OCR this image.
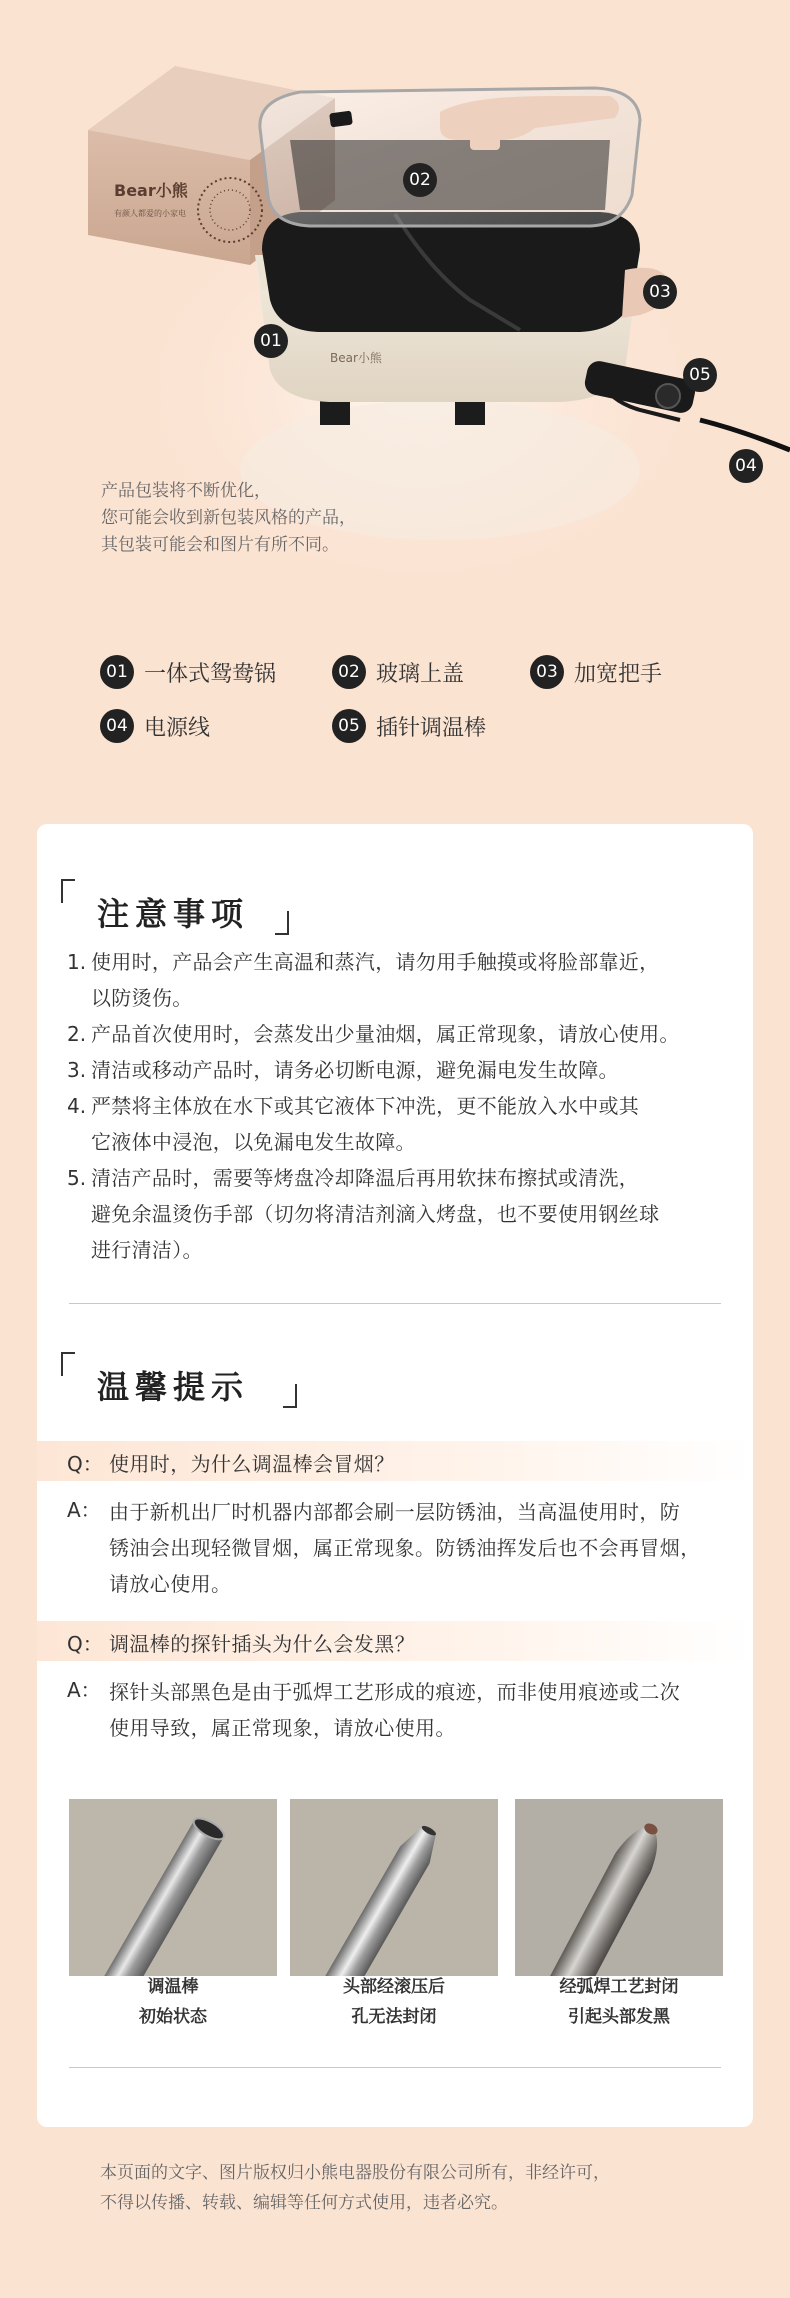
Bear小熊
有颜人都爱的小家电
Bear小熊
01
02
03
05
04
产品包装将不断优化，
您可能会收到新包装风格的产品，
其包装可能会和图片有所不同。
01 一体式鸳鸯锅	02 玻璃上盖	03 加宽把手
04 电源线	05 插针调温棒
注意事项
1. 使用时，产品会产生高温和蒸汽，请勿用手触摸或将脸部靠近，
以防烫伤。
2. 产品首次使用时，会蒸发出少量油烟，属正常现象，请放心使用。
3. 清洁或移动产品时，请务必切断电源，避免漏电发生故障。
4. 严禁将主体放在水下或其它液体下冲洗，更不能放入水中或其
它液体中浸泡，以免漏电发生故障。
5. 清洁产品时，需要等烤盘冷却降温后再用软抹布擦拭或清洗，
避免余温烫伤手部（切勿将清洁剂滴入烤盘，也不要使用钢丝球
进行清洁）。
温馨提示
Q： 使用时，为什么调温棒会冒烟？
A： 由于新机出厂时机器内部都会刷一层防锈油，当高温使用时，防
锈油会出现轻微冒烟，属正常现象。防锈油挥发后也不会再冒烟，
请放心使用。
Q： 调温棒的探针插头为什么会发黑？
A： 探针头部黑色是由于弧焊工艺形成的痕迹，而非使用痕迹或二次
使用导致，属正常现象，请放心使用。
调温棒
初始状态
头部经滚压后
孔无法封闭
经弧焊工艺封闭
引起头部发黑
本页面的文字、图片版权归小熊电器股份有限公司所有，非经许可，
不得以传播、转载、编辑等任何方式使用，违者必究。
